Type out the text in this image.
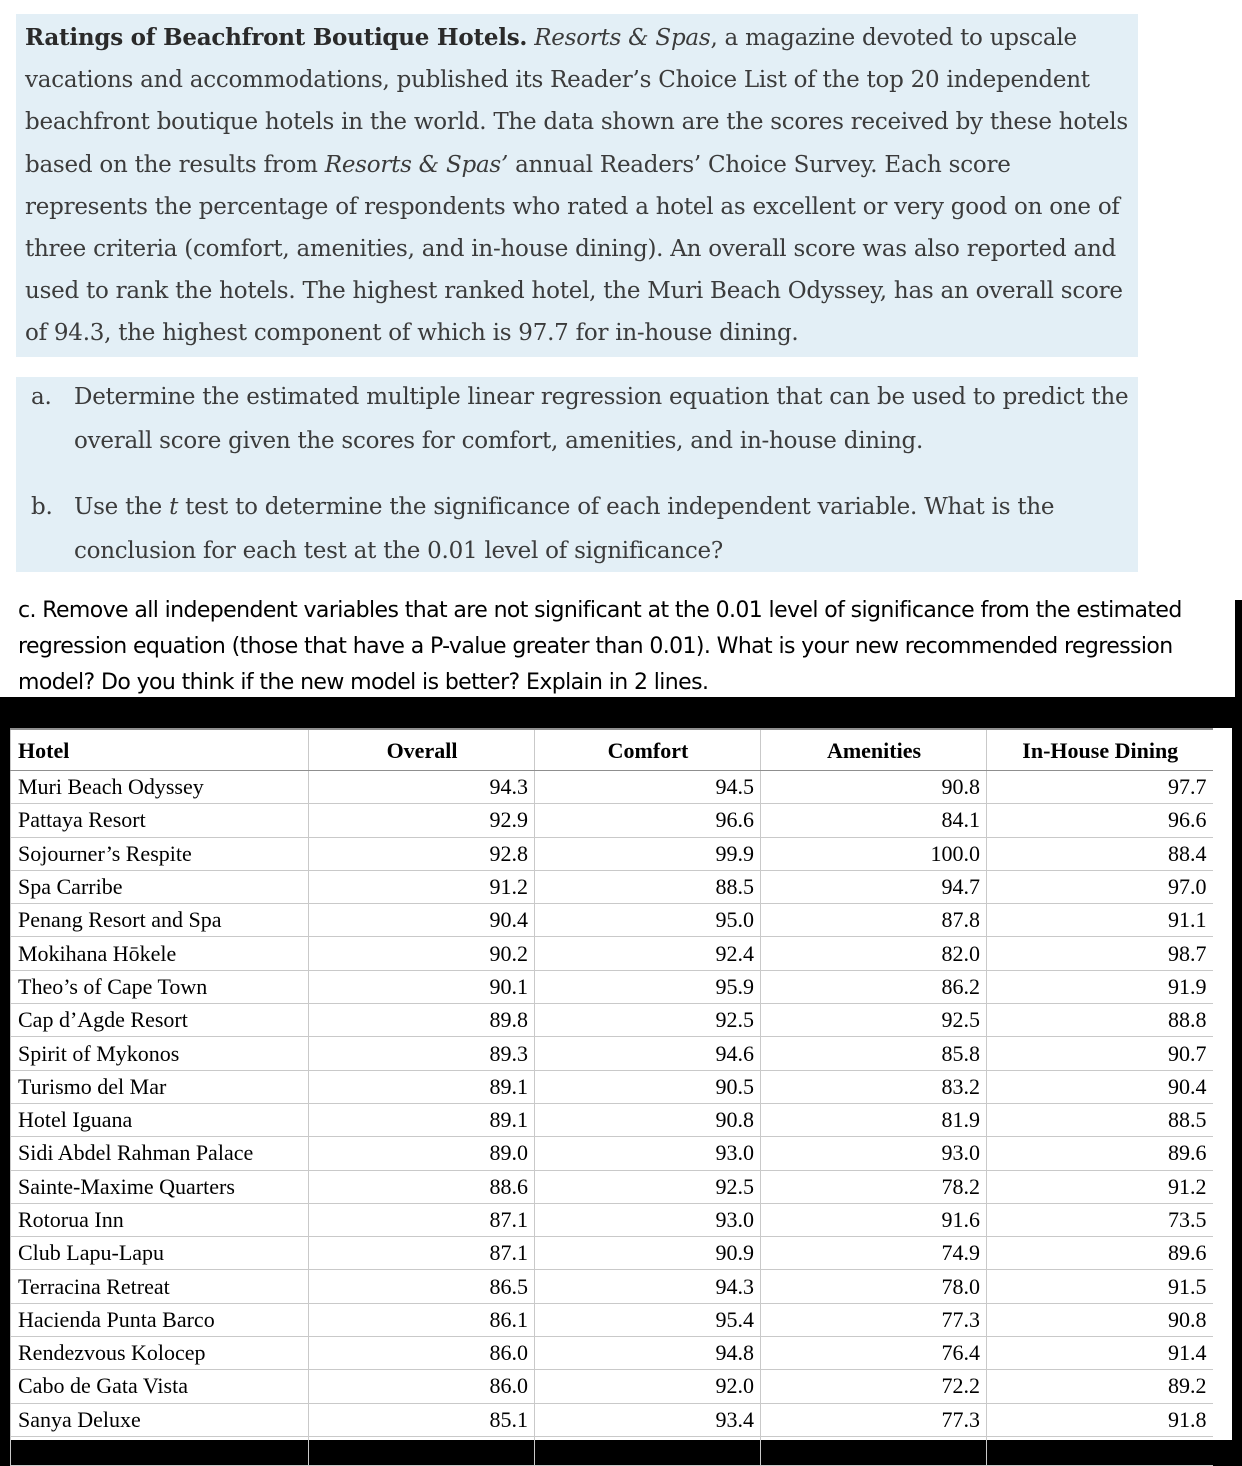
Ratings of Beachfront Boutique Hotels. Resorts & Spas, a magazine devoted to upscale vacations and accommodations, published its Reader’s Choice List of the top 20 independent beachfront boutique hotels in the world. The data shown are the scores received by these hotels based on the results from Resorts & Spas’ annual Readers’ Choice Survey. Each score represents the percentage of respondents who rated a hotel as excellent or very good on one of three criteria (comfort, amenities, and in-house dining). An overall score was also reported and used to rank the hotels. The highest ranked hotel, the Muri Beach Odyssey, has an overall score of 94.3, the highest component of which is 97.7 for in-house dining.

a. Determine the estimated multiple linear regression equation that can be used to predict the overall score given the scores for comfort, amenities, and in-house dining.
b. Use the t test to determine the significance of each independent variable. What is the conclusion for each test at the 0.01 level of significance?

c. Remove all independent variables that are not significant at the 0.01 level of significance from the estimated regression equation (those that have a P-value greater than 0.01). What is your new recommended regression model? Do you think if the new model is better? Explain in 2 lines.

Hotel	Overall	Comfort	Amenities	In-House Dining
Muri Beach Odyssey	94.3	94.5	90.8	97.7
Pattaya Resort	92.9	96.6	84.1	96.6
Sojourner’s Respite	92.8	99.9	100.0	88.4
Spa Carribe	91.2	88.5	94.7	97.0
Penang Resort and Spa	90.4	95.0	87.8	91.1
Mokihana Hōkele	90.2	92.4	82.0	98.7
Theo’s of Cape Town	90.1	95.9	86.2	91.9
Cap d’Agde Resort	89.8	92.5	92.5	88.8
Spirit of Mykonos	89.3	94.6	85.8	90.7
Turismo del Mar	89.1	90.5	83.2	90.4
Hotel Iguana	89.1	90.8	81.9	88.5
Sidi Abdel Rahman Palace	89.0	93.0	93.0	89.6
Sainte-Maxime Quarters	88.6	92.5	78.2	91.2
Rotorua Inn	87.1	93.0	91.6	73.5
Club Lapu-Lapu	87.1	90.9	74.9	89.6
Terracina Retreat	86.5	94.3	78.0	91.5
Hacienda Punta Barco	86.1	95.4	77.3	90.8
Rendezvous Kolocep	86.0	94.8	76.4	91.4
Cabo de Gata Vista	86.0	92.0	72.2	89.2
Sanya Deluxe	85.1	93.4	77.3	91.8
